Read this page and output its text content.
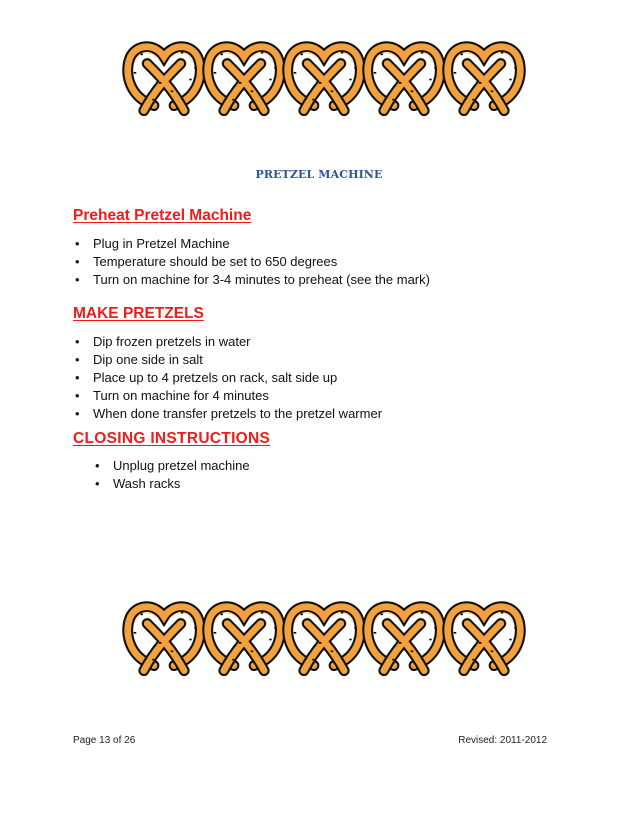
PRETZEL MACHINE
Preheat Pretzel Machine
• Plug in Pretzel Machine
• Temperature should be set to 650 degrees
• Turn on machine for 3-4 minutes to preheat (see the mark)
MAKE PRETZELS
• Dip frozen pretzels in water
• Dip one side in salt
• Place up to 4 pretzels on rack, salt side up
• Turn on machine for 4 minutes
• When done transfer pretzels to the pretzel warmer
CLOSING INSTRUCTIONS
• Unplug pretzel machine
• Wash racks
Page 13 of 26	Revised: 2011-2012
